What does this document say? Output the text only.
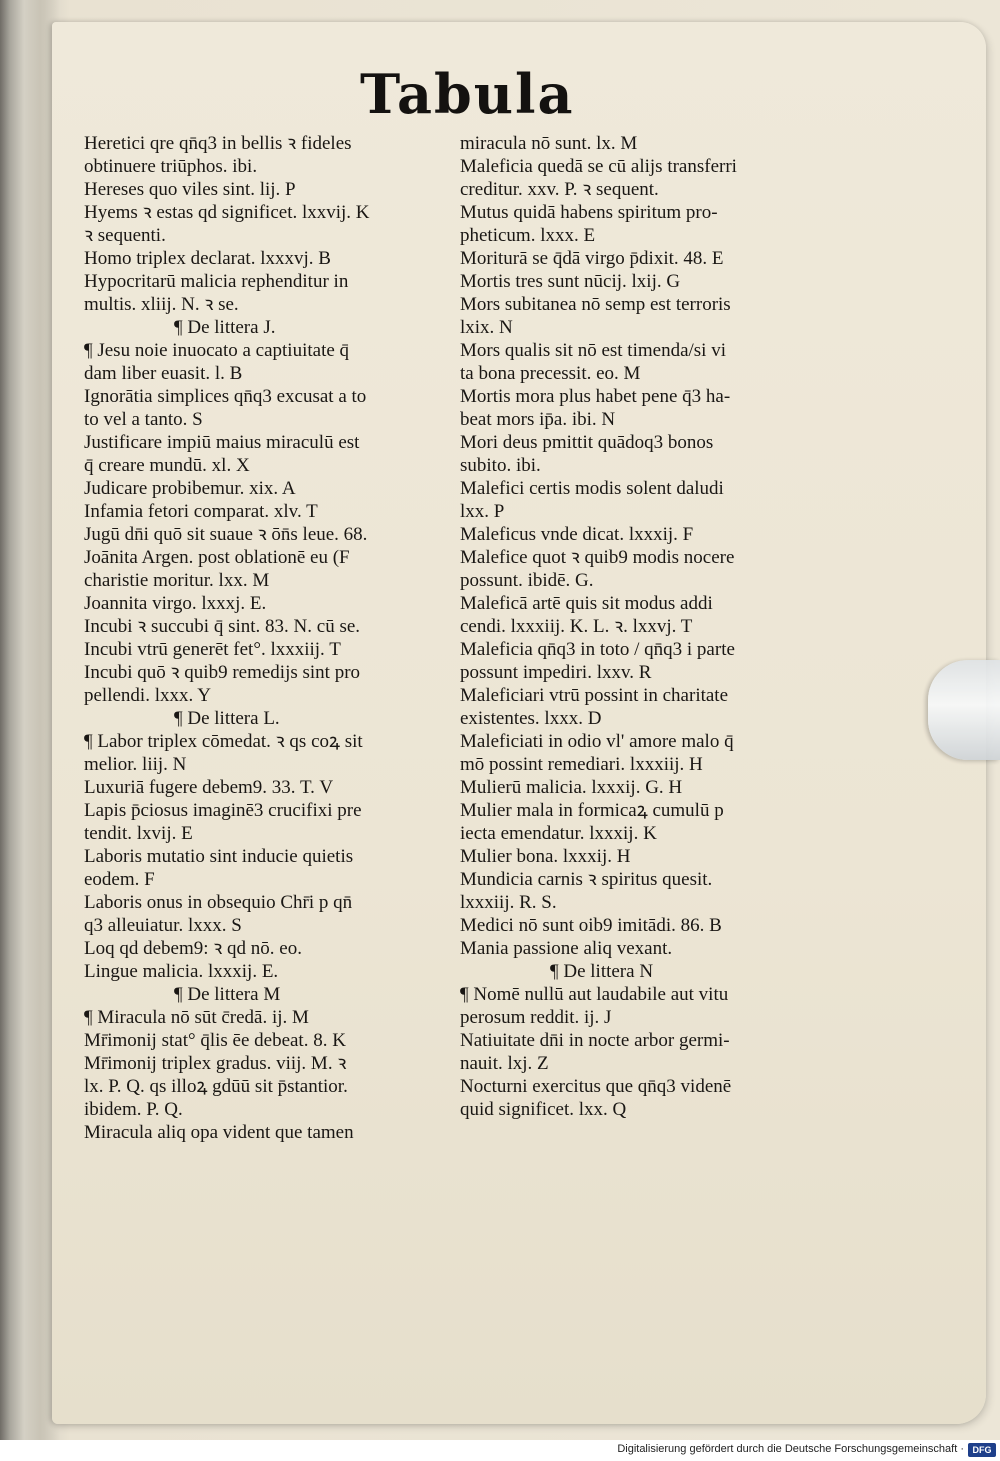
Tabula
Heretici qre qn̄q3 in bellis ꝛ fideles
obtinuere triūphos. ibi.
Hereses quo viles sint. lij. P
Hyems ꝛ estas qd significet. lxxvij. K
ꝛ sequenti.
Homo triplex declarat. lxxxvj. B
Hypocritarū malicia rephenditur in
multis. xliij. N. ꝛ se.
¶ De littera J.
¶ Jesu noie inuocato a captiuitate q̄
dam liber euasit. l. B
Ignorātia simplices qn̄q3 excusat a to
to vel a tanto. S
Justificare impiū maius miraculū est
q̄ creare mundū. xl. X
Judicare probibemur. xix. A
Infamia fetori comparat. xlv. T
Jugū dn̄i quō sit suaue ꝛ ōn̄s leue. 68.
Joānita Argen. post oblationē eu (F
charistie moritur. lxx. M
Joannita virgo. lxxxj. E.
Incubi ꝛ succubi q̄ sint. 83. N. cū se.
Incubi vtrū generēt fet°. lxxxiij. T
Incubi quō ꝛ quib9 remedijs sint pro
pellendi. lxxx. Y
¶ De littera L.
¶ Labor triplex cōmedat. ꝛ qs coꝝ sit
melior. liij. N
Luxuriā fugere debem9. 33. T. V
Lapis p̄ciosus imaginē3 crucifixi pre
tendit. lxvij. E
Laboris mutatio sint inducie quietis
eodem. F
Laboris onus in obsequio Chr̄i p qn̄
q3 alleuiatur. lxxx. S
Loq qd debem9: ꝛ qd nō. eo.
Lingue malicia. lxxxij. E.
¶ De littera M
¶ Miracula nō sūt c̄redā. ij. M
Mr̄imonij stat° q̄lis ēe debeat. 8. K
Mr̄imonij triplex gradus. viij. M. ꝛ
lx. P. Q. qs illoꝝ gdūū sit p̄stantior.
ibidem. P. Q.
Miracula aliq opa vident que tamen
miracula nō sunt. lx. M
Maleficia quedā se cū alijs transferri
creditur. xxv. P. ꝛ sequent.
Mutus quidā habens spiritum pro-
pheticum. lxxx. E
Moriturā se q̄dā virgo p̄dixit. 48. E
Mortis tres sunt nūcij. lxij. G
Mors subitanea nō semp est terroris
lxix. N
Mors qualis sit nō est timenda/si vi
ta bona precessit. eo. M
Mortis mora plus habet pene q̄3 ha-
beat mors ip̄a. ibi. N
Mori deus pmittit quādoq3 bonos
subito. ibi.
Malefici certis modis solent daludi
lxx. P
Maleficus vnde dicat. lxxxij. F
Malefice quot ꝛ quib9 modis nocere
possunt. ibidē. G.
Maleficā artē quis sit modus addi
cendi. lxxxiij. K. L. ꝛ. lxxvj. T
Maleficia qn̄q3 in toto / qn̄q3 i parte
possunt impediri. lxxv. R
Maleficiari vtrū possint in charitate
existentes. lxxx. D
Maleficiati in odio vl' amore malo q̄
mō possint remediari. lxxxiij. H
Mulierū malicia. lxxxij. G. H
Mulier mala in formicaꝝ cumulū p
iecta emendatur. lxxxij. K
Mulier bona. lxxxij. H
Mundicia carnis ꝛ spiritus quesit.
lxxxiij. R. S.
Medici nō sunt oib9 imitādi. 86. B
Mania passione aliq vexant.
¶ De littera N
¶ Nomē nullū aut laudabile aut vitu
perosum reddit. ij. J
Natiuitate dn̄i in nocte arbor germi-
nauit. lxj. Z
Nocturni exercitus que qn̄q3 videnē
quid significet. lxx. Q
Digitalisierung gefördert durch die Deutsche Forschungsgemeinschaft · DFG
